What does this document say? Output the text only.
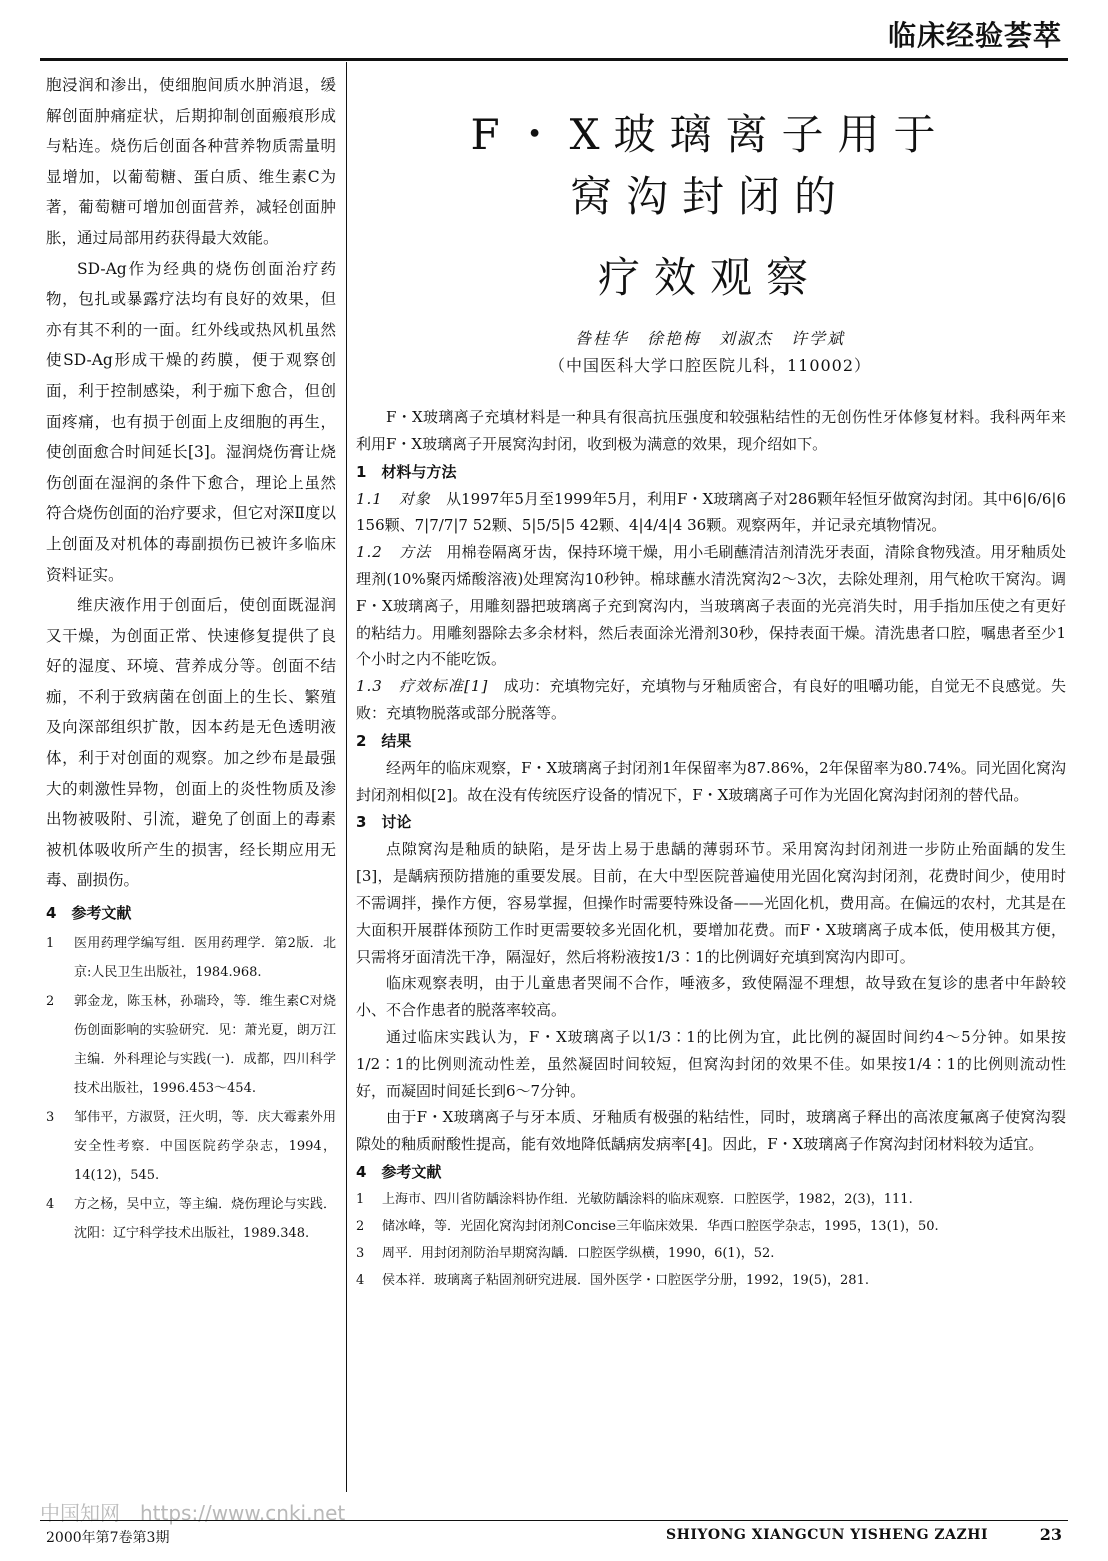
临床经验荟萃

胞浸润和渗出，使细胞间质水肿消退，缓解创面肿痛症状，后期抑制创面瘢痕形成与粘连。烧伤后创面各种营养物质需量明显增加，以葡萄糖、蛋白质、维生素C为著，葡萄糖可增加创面营养，减轻创面肿胀，通过局部用药获得最大效能。

SD-Ag作为经典的烧伤创面治疗药物，包扎或暴露疗法均有良好的效果，但亦有其不利的一面。红外线或热风机虽然使SD-Ag形成干燥的药膜，便于观察创面，利于控制感染，利于痂下愈合，但创面疼痛，也有损于创面上皮细胞的再生，使创面愈合时间延长[3]。湿润烧伤膏让烧伤创面在湿润的条件下愈合，理论上虽然符合烧伤创面的治疗要求，但它对深Ⅱ度以上创面及对机体的毒副损伤已被许多临床资料证实。

维庆液作用于创面后，使创面既湿润又干燥，为创面正常、快速修复提供了良好的湿度、环境、营养成分等。创面不结痂，不利于致病菌在创面上的生长、繁殖及向深部组织扩散，因本药是无色透明液体，利于对创面的观察。加之纱布是最强大的刺激性异物，创面上的炎性物质及渗出物被吸附、引流，避免了创面上的毒素被机体吸收所产生的损害，经长期应用无毒、副损伤。

4　参考文献
1	医用药理学编写组．医用药理学．第2版．北京:人民卫生出版社，1984.968.
2	郭金龙，陈玉林，孙瑞玲，等．维生素C对烧伤创面影响的实验研究．见：萧光夏，朗万江主编．外科理论与实践(一)．成都，四川科学技术出版社，1996.453～454.
3	邹伟平，方淑贤，汪火明，等．庆大霉素外用安全性考察．中国医院药学杂志，1994，14(12)，545.
4	方之杨，吴中立，等主编．烧伤理论与实践．沈阳：辽宁科学技术出版社，1989.348.
F・X玻璃离子用于
窝沟封闭的
疗效观察
昝桂华　徐艳梅　刘淑杰　许学斌
（中国医科大学口腔医院儿科，110002）

F・X玻璃离子充填材料是一种具有很高抗压强度和较强粘结性的无创伤性牙体修复材料。我科两年来利用F・X玻璃离子开展窝沟封闭，收到极为满意的效果，现介绍如下。

1　材料与方法

1.1　对象　 从1997年5月至1999年5月，利用F・X玻璃离子对286颗年轻恒牙做窝沟封闭。其中6|6/6|6 156颗、7|7/7|7 52颗、5|5/5|5 42颗、4|4/4|4 36颗。观察两年，并记录充填物情况。

1.2　方法　 用棉卷隔离牙齿，保持环境干燥，用小毛刷蘸清洁剂清洗牙表面，清除食物残渣。用牙釉质处理剂(10%聚丙烯酸溶液)处理窝沟10秒钟。棉球蘸水清洗窝沟2～3次，去除处理剂，用气枪吹干窝沟。调F・X玻璃离子，用雕刻器把玻璃离子充到窝沟内，当玻璃离子表面的光亮消失时，用手指加压使之有更好的粘结力。用雕刻器除去多余材料，然后表面涂光滑剂30秒，保持表面干燥。清洗患者口腔，嘱患者至少1个小时之内不能吃饭。

1.3　疗效标准[1]　 成功：充填物完好，充填物与牙釉质密合，有良好的咀嚼功能，自觉无不良感觉。失败：充填物脱落或部分脱落等。

2　结果

经两年的临床观察，F・X玻璃离子封闭剂1年保留率为87.86%，2年保留率为80.74%。同光固化窝沟封闭剂相似[2]。故在没有传统医疗设备的情况下，F・X玻璃离子可作为光固化窝沟封闭剂的替代品。

3　讨论

点隙窝沟是釉质的缺陷，是牙齿上易于患龋的薄弱环节。采用窝沟封闭剂进一步防止殆面龋的发生[3]，是龋病预防措施的重要发展。目前，在大中型医院普遍使用光固化窝沟封闭剂，花费时间少，使用时不需调拌，操作方便，容易掌握，但操作时需要特殊设备——光固化机，费用高。在偏远的农村，尤其是在大面积开展群体预防工作时更需要较多光固化机，要增加花费。而F・X玻璃离子成本低，使用极其方便，只需将牙面清洗干净，隔湿好，然后将粉液按1/3∶1的比例调好充填到窝沟内即可。

临床观察表明，由于儿童患者哭闹不合作，唾液多，致使隔湿不理想，故导致在复诊的患者中年龄较小、不合作患者的脱落率较高。

通过临床实践认为，F・X玻璃离子以1/3∶1的比例为宜，此比例的凝固时间约4～5分钟。如果按1/2∶1的比例则流动性差，虽然凝固时间较短，但窝沟封闭的效果不佳。如果按1/4∶1的比例则流动性好，而凝固时间延长到6～7分钟。

由于F・X玻璃离子与牙本质、牙釉质有极强的粘结性，同时，玻璃离子释出的高浓度氟离子使窝沟裂隙处的釉质耐酸性提高，能有效地降低龋病发病率[4]。因此，F・X玻璃离子作窝沟封闭材料较为适宜。

4　参考文献
1	上海市、四川省防龋涂料协作组．光敏防龋涂料的临床观察．口腔医学，1982，2(3)，111.
2	储冰峰，等．光固化窝沟封闭剂Concise三年临床效果．华西口腔医学杂志，1995，13(1)，50.
3	周平．用封闭剂防治早期窝沟龋．口腔医学纵横，1990，6(1)，52.
4	侯本祥．玻璃离子粘固剂研究进展．国外医学・口腔医学分册，1992，19(5)，281.
中国知网　https://www.cnki.net
2000年第7卷第3期	SHIYONG XIANGCUN YISHENG ZAZHI	23
